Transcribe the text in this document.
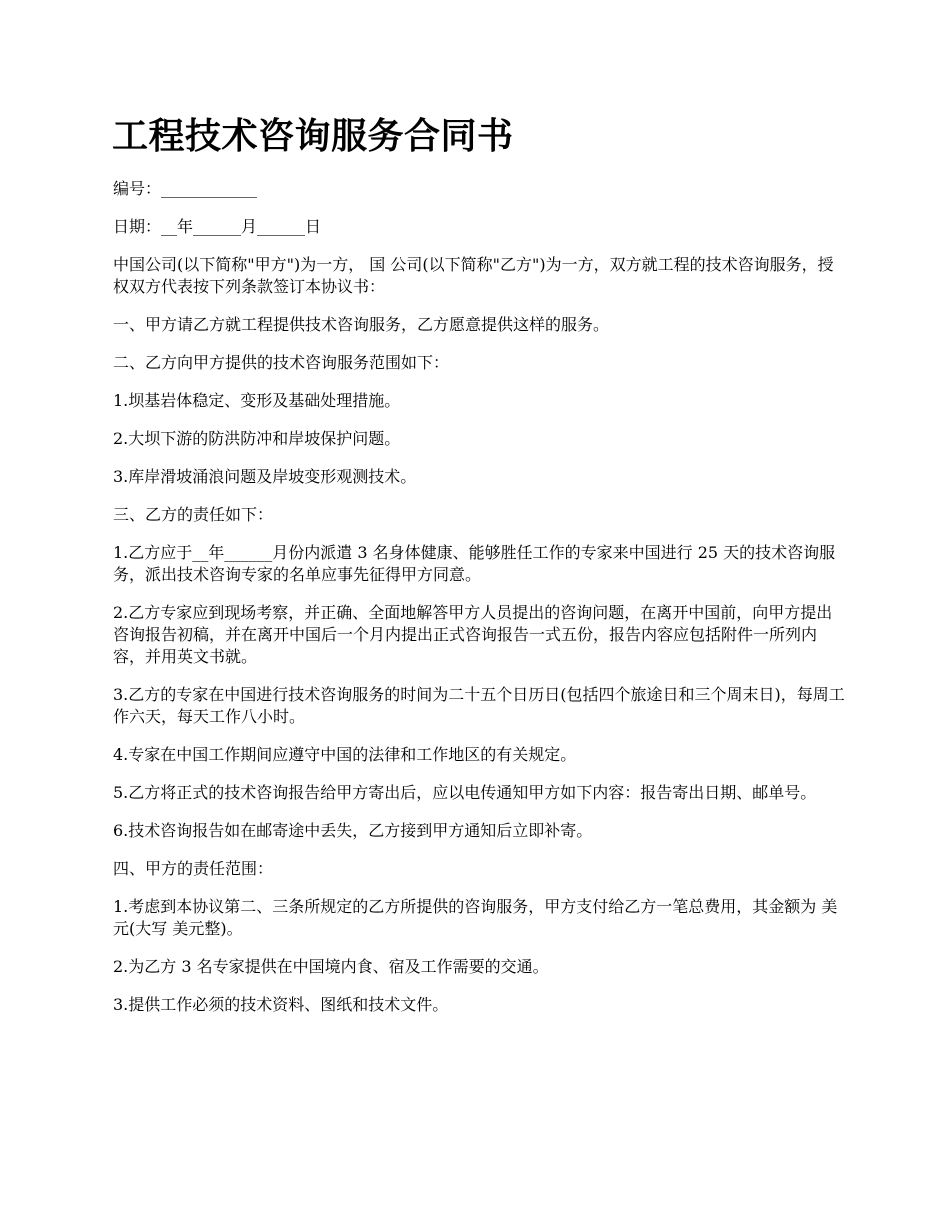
工程技术咨询服务合同书

编号：____________

日期：__年______月______日

中国公司(以下简称"甲方")为一方， 国 公司(以下简称"乙方")为一方，双方就工程的技术咨询服务，授权双方代表按下列条款签订本协议书：

一、甲方请乙方就工程提供技术咨询服务，乙方愿意提供这样的服务。

二、乙方向甲方提供的技术咨询服务范围如下：

1.坝基岩体稳定、变形及基础处理措施。

2.大坝下游的防洪防冲和岸坡保护问题。

3.库岸滑坡涌浪问题及岸坡变形观测技术。

三、乙方的责任如下：

1.乙方应于__年______月份内派遣 3 名身体健康、能够胜任工作的专家来中国进行 25 天的技术咨询服务，派出技术咨询专家的名单应事先征得甲方同意。

2.乙方专家应到现场考察，并正确、全面地解答甲方人员提出的咨询问题，在离开中国前，向甲方提出咨询报告初稿，并在离开中国后一个月内提出正式咨询报告一式五份，报告内容应包括附件一所列内容，并用英文书就。

3.乙方的专家在中国进行技术咨询服务的时间为二十五个日历日(包括四个旅途日和三个周末日)，每周工作六天，每天工作八小时。

4.专家在中国工作期间应遵守中国的法律和工作地区的有关规定。

5.乙方将正式的技术咨询报告给甲方寄出后，应以电传通知甲方如下内容：报告寄出日期、邮单号。

6.技术咨询报告如在邮寄途中丢失，乙方接到甲方通知后立即补寄。

四、甲方的责任范围：

1.考虑到本协议第二、三条所规定的乙方所提供的咨询服务，甲方支付给乙方一笔总费用，其金额为 美元(大写 美元整)。

2.为乙方 3 名专家提供在中国境内食、宿及工作需要的交通。

3.提供工作必须的技术资料、图纸和技术文件。
